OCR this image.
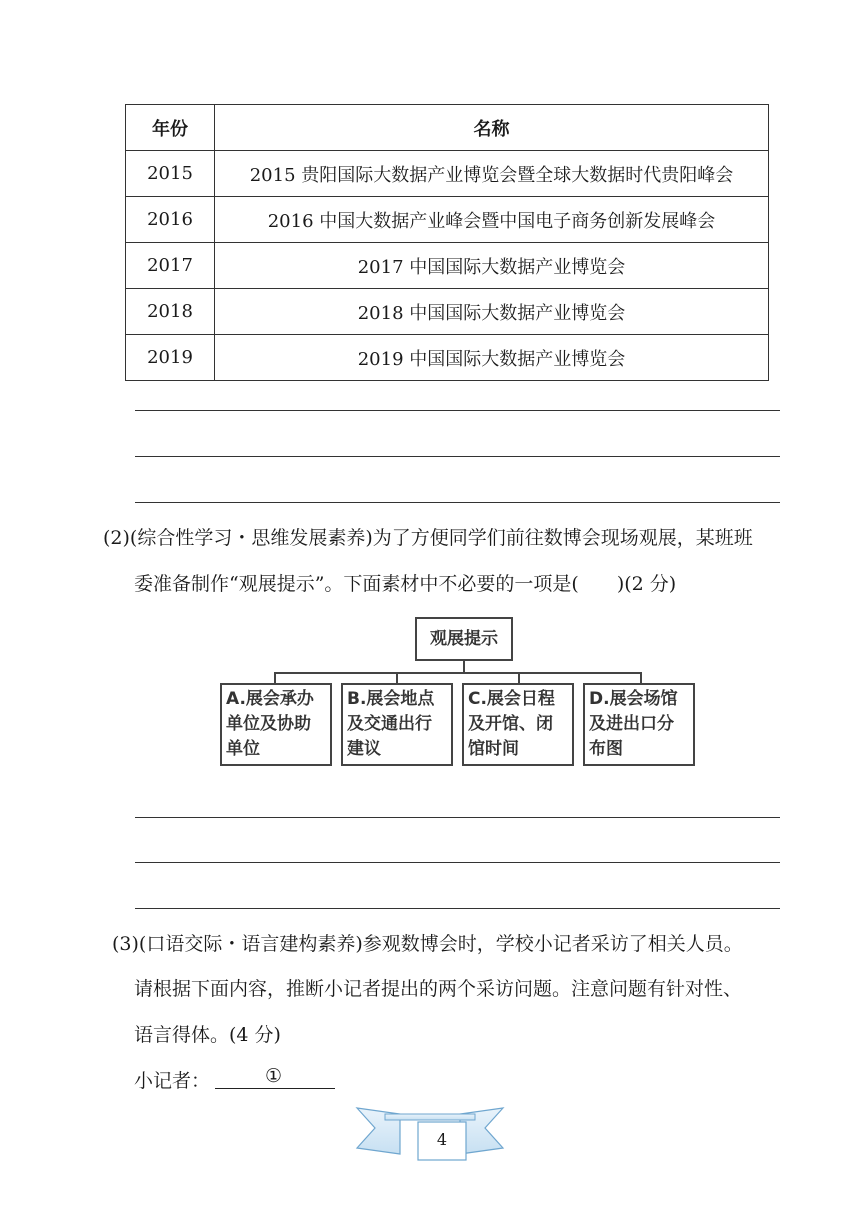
年份	名称
2015	2015 贵阳国际大数据产业博览会暨全球大数据时代贵阳峰会
2016	2016 中国大数据产业峰会暨中国电子商务创新发展峰会
2017	2017 中国国际大数据产业博览会
2018	2018 中国国际大数据产业博览会
2019	2019 中国国际大数据产业博览会
(2)(综合性学习・思维发展素养)为了方便同学们前往数博会现场观展，某班班
委准备制作“观展提示”。下面素材中不必要的一项是(　　)(2 分)
观展提示
A.展会承办
单位及协助
单位
B.展会地点
及交通出行
建议
C.展会日程
及开馆、闭
馆时间
D.展会场馆
及进出口分
布图
(3)(口语交际・语言建构素养)参观数博会时，学校小记者采访了相关人员。
请根据下面内容，推断小记者提出的两个采访问题。注意问题有针对性、
语言得体。(4 分)
小记者：	①
4
